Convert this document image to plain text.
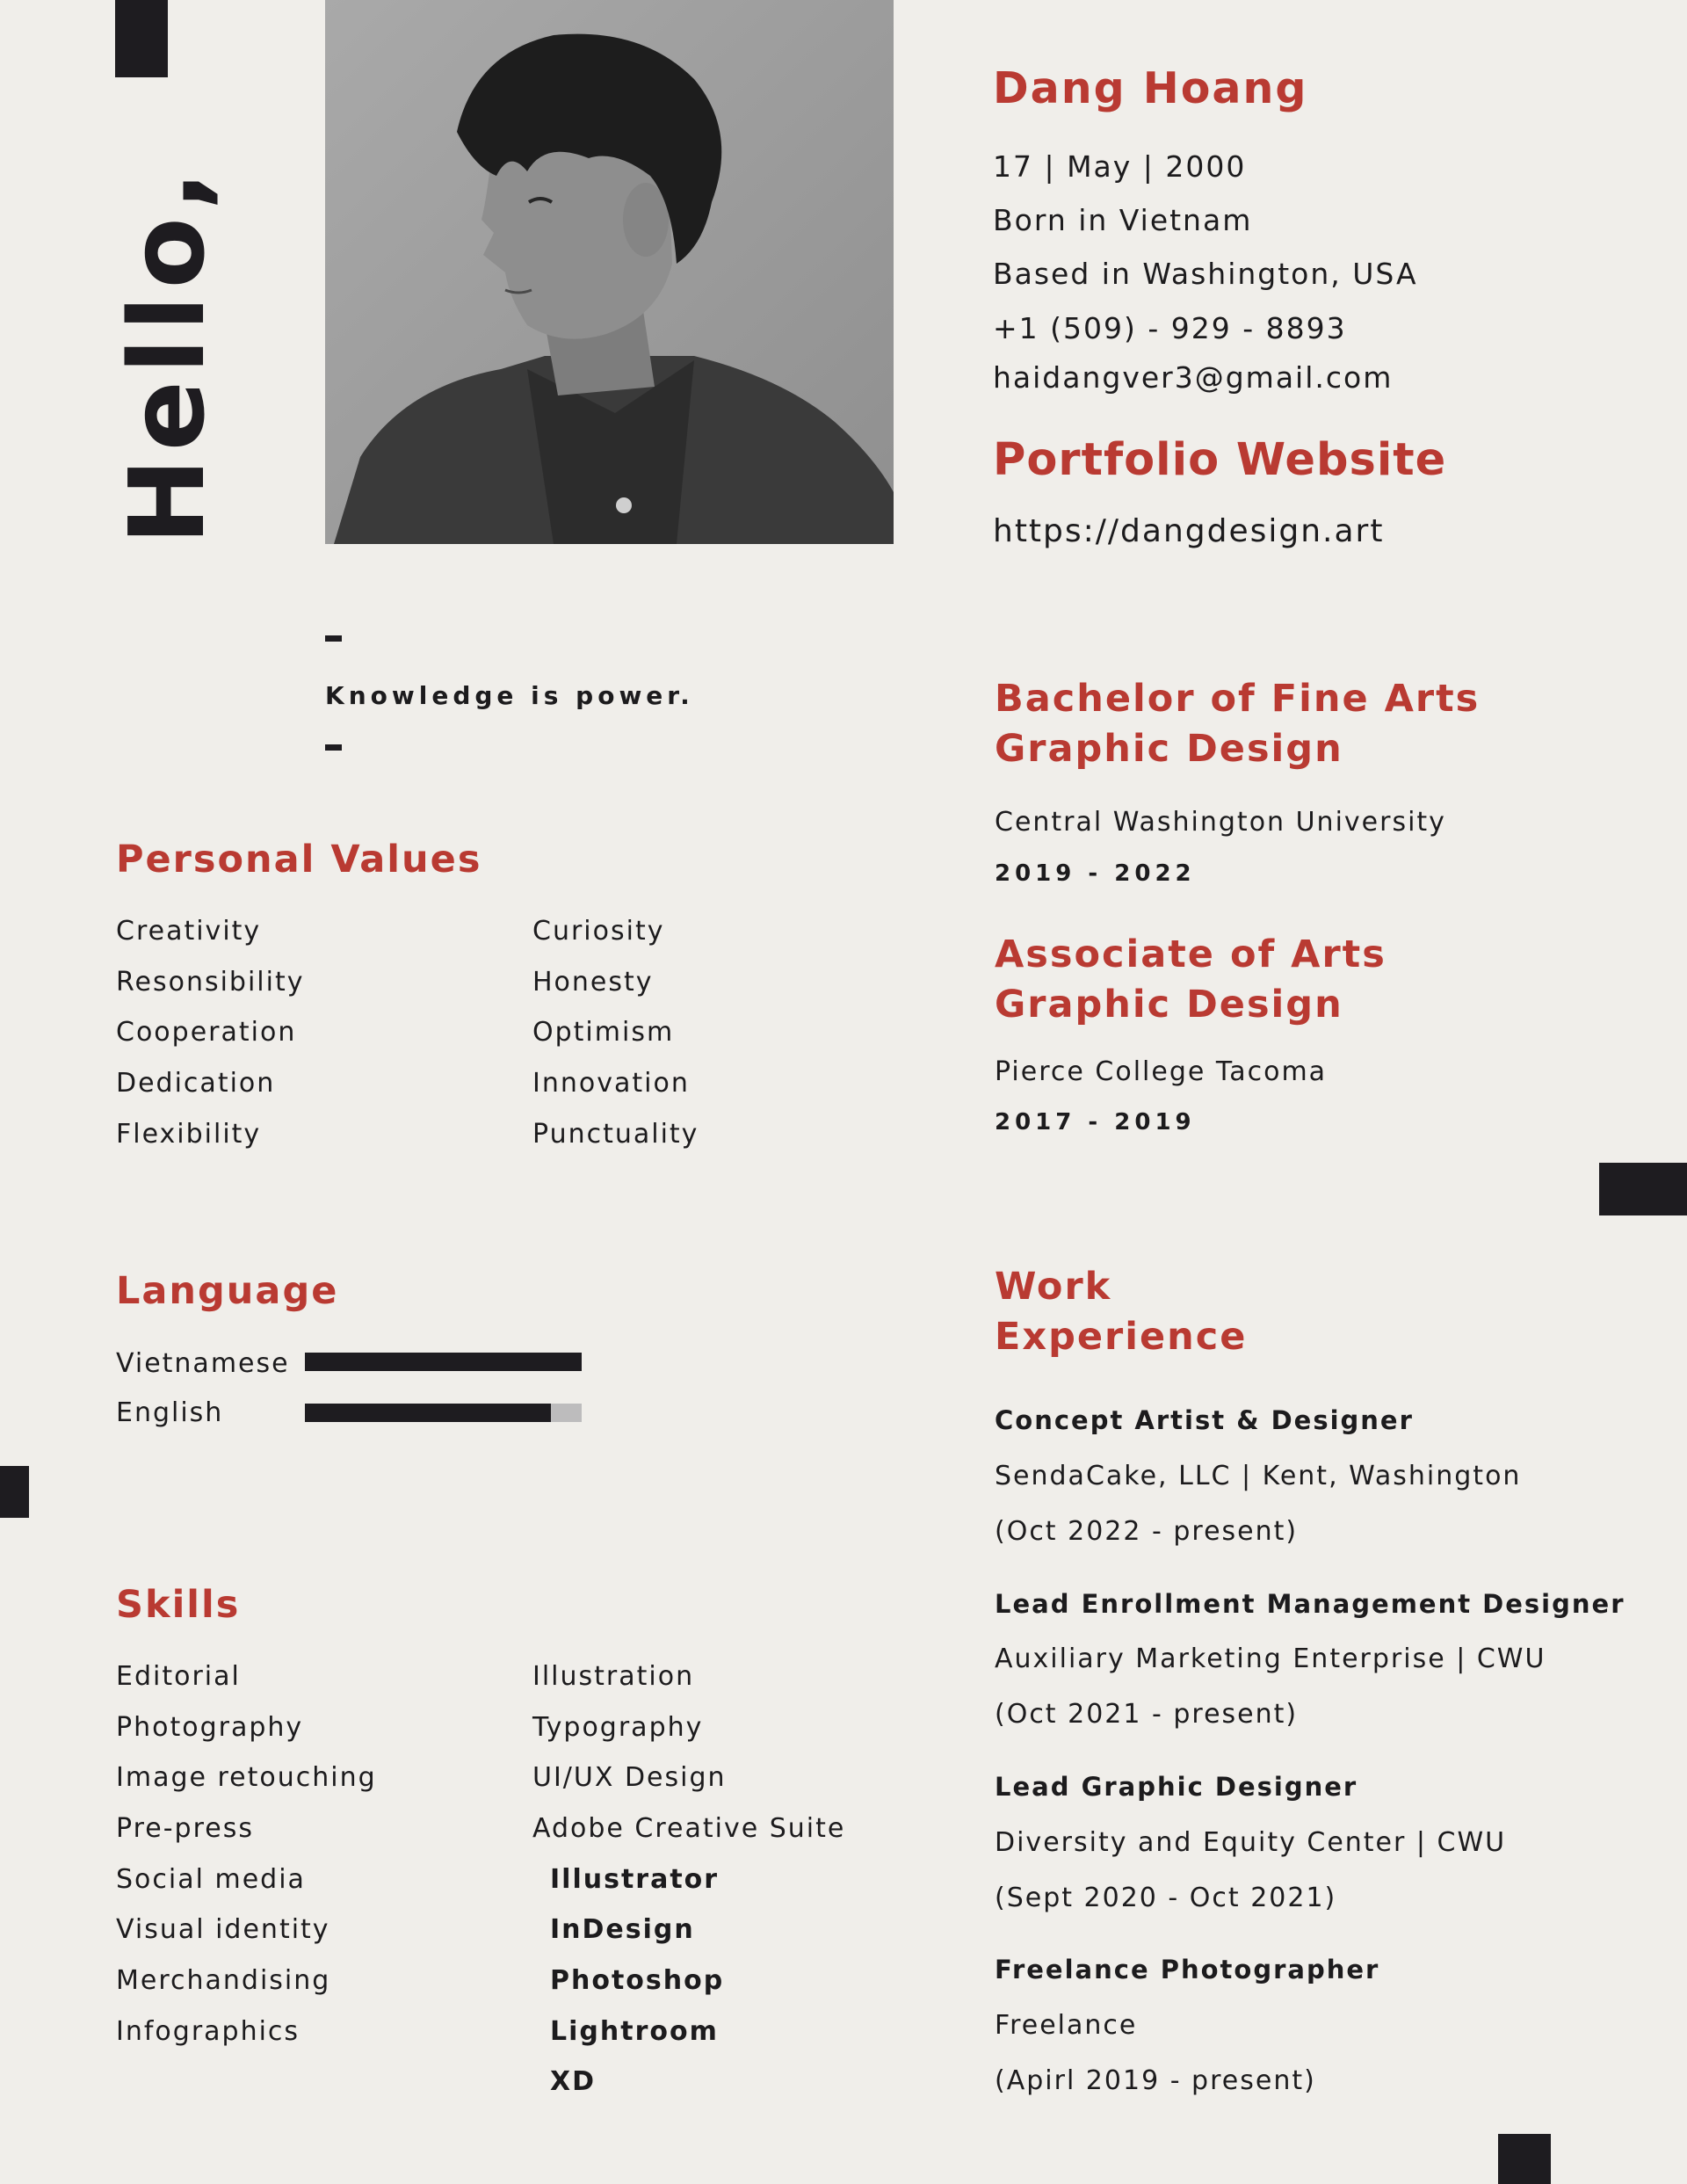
Hello,
Dang Hoang
17 | May | 2000
Born in Vietnam
Based in Washington, USA
+1 (509) - 929 - 8893
haidangver3@gmail.com
Portfolio Website
https://dangdesign.art
Knowledge is power.	Bachelor of Fine Arts
Graphic Design
Central Washington University
2019 - 2022
Associate of Arts
Graphic Design
Pierce College Tacoma
2017 - 2019
Personal Values
Creativity
Resonsibility
Cooperation
Dedication
Flexibility
Curiosity
Honesty
Optimism
Innovation
Punctuality
Language
Vietnamese
English
Skills
Editorial
Photography
Image retouching
Pre-press
Social media
Visual identity
Merchandising
Infographics
Illustration
Typography
UI/UX Design
Adobe Creative Suite
Illustrator
InDesign
Photoshop
Lightroom
XD
Work
Experience
Concept Artist & Designer
SendaCake, LLC | Kent, Washington
(Oct 2022 - present)
Lead Enrollment Management Designer
Auxiliary Marketing Enterprise | CWU
(Oct 2021 - present)
Lead Graphic Designer
Diversity and Equity Center | CWU
(Sept 2020 - Oct 2021)
Freelance Photographer
Freelance
(Apirl 2019 - present)
